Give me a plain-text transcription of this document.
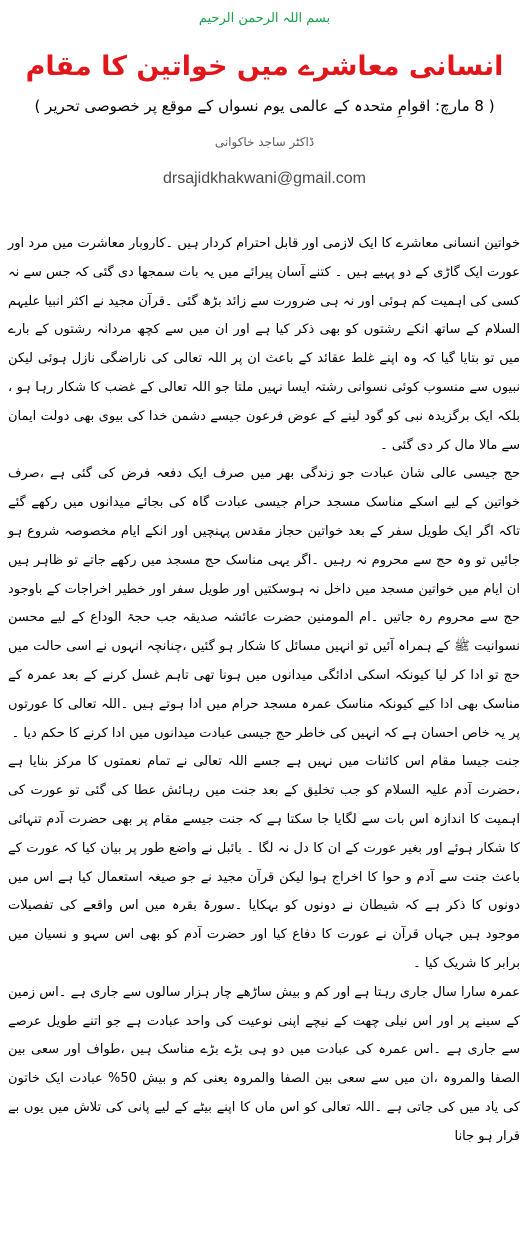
بسم اللہ الرحمن الرحیم
انسانی معاشرے میں خواتین کا مقام
( 8 مارچ: اقوامِ متحدہ کے عالمی یوم نسواں کے موقع پر خصوصی تحریر )
ڈاکٹر ساجد خاکوانی
drsajidkhakwani@gmail.com

خواتین انسانی معاشرے کا ایک لازمی اور قابل احترام کردار ہیں ۔کاروبار معاشرت میں مرد اور عورت ایک گاڑی کے دو پہیے ہیں ۔ کتنے آسان پیرائے میں یہ بات سمجھا دی گئی کہ جس سے نہ کسی کی اہمیت کم ہوئی اور نہ ہی ضرورت سے زائد بڑھ گئی ۔قرآن مجید نے اکثر انبیا علیہم السلام کے ساتھ انکے رشتوں کو بھی ذکر کیا ہے اور ان میں سے کچھ مردانہ رشتوں کے بارے میں تو بتایا گیا کہ وہ اپنے غلط عقائد کے باعث ان پر اللہ تعالی کی ناراضگی نازل ہوئی لیکن نبیوں سے منسوب کوئی نسوانی رشتہ ایسا نہیں ملتا جو اللہ تعالی کے غضب کا شکار رہا ہو ، بلکہ ایک برگزیدہ نبی کو گود لینے کے عوض فرعون جیسے دشمن خدا کی بیوی بھی دولت ایمان سے مالا مال کر دی گئی ۔

حج جیسی عالی شان عبادت جو زندگی بھر میں صرف ایک دفعہ فرض کی گئی ہے ،صرف خواتین کے لیے اسکے مناسک مسجد حرام جیسی عبادت گاہ کی بجائے میدانوں میں رکھے گئے تاکہ اگر ایک طویل سفر کے بعد خواتین حجاز مقدس پہنچیں اور انکے ایام مخصوصہ شروع ہو جائیں تو وہ حج سے محروم نہ رہیں ۔اگر یہی مناسک حج مسجد میں رکھے جاتے تو ظاہر ہیں ان ایام میں خواتین مسجد میں داخل نہ ہوسکتیں اور طویل سفر اور خطیر اخراجات کے باوجود حج سے محروم رہ جاتیں ۔ام المومنین حضرت عائشہ صدیقہ جب حجۃ الوداع کے لیے محسن نسوانیت ﷺ کے ہمراہ آئیں تو انہیں مسائل کا شکار ہو گئیں ،چنانچہ انہوں نے اسی حالت میں حج تو ادا کر لیا کیونکہ اسکی ادائگی میدانوں میں ہونا تھی تاہم غسل کرنے کے بعد عمرہ کے مناسک بھی ادا کیے کیونکہ مناسک عمرہ مسجد حرام میں ادا ہوتے ہیں ۔اللہ تعالی کا عورتوں پر یہ خاص احسان ہے کہ انہیں کی خاطر حج جیسی عبادت میدانوں میں ادا کرنے کا حکم دیا ۔

جنت جیسا مقام اس کائنات میں نہیں ہے جسے اللہ تعالی نے تمام نعمتوں کا مرکز بنایا ہے ،حضرت آدم علیہ السلام کو جب تخلیق کے بعد جنت میں رہائش عطا کی گئی تو عورت کی اہمیت کا اندازہ اس بات سے لگایا جا سکتا ہے کہ جنت جیسے مقام پر بھی حضرت آدم تنہائی کا شکار ہوئے اور بغیر عورت کے ان کا دل نہ لگا ۔ بائبل نے واضع طور پر بیان کیا کہ عورت کے باعث جنت سے آدم و حوا کا اخراج ہوا لیکن قرآن مجید نے جو صیغہ استعمال کیا ہے اس میں دونوں کا ذکر ہے کہ شیطان نے دونوں کو بہکایا ۔سورۃ بقرہ میں اس واقعے کی تفصیلات موجود ہیں جہاں قرآن نے عورت کا دفاع کیا اور حضرت آدم کو بھی اس سہو و نسیان میں برابر کا شریک کیا ۔

عمرہ سارا سال جاری رہتا ہے اور کم و بیش ساڑھے چار ہزار سالوں سے جاری ہے ۔اس زمین کے سینے پر اور اس نیلی چھت کے نیچے اپنی نوعیت کی واحد عبادت ہے جو اتنے طویل عرصے سے جاری ہے ۔اس عمرہ کی عبادت میں دو ہی بڑے بڑے مناسک ہیں ،طواف اور سعی بین الصفا والمروہ ،ان میں سے سعی بین الصفا والمروہ یعنی کم و بیش 50% عبادت ایک خاتون کی یاد میں کی جاتی ہے ۔اللہ تعالی کو اس ماں کا اپنے بیٹے کے لیے پانی کی تلاش میں یوں بے قرار ہو جانا
